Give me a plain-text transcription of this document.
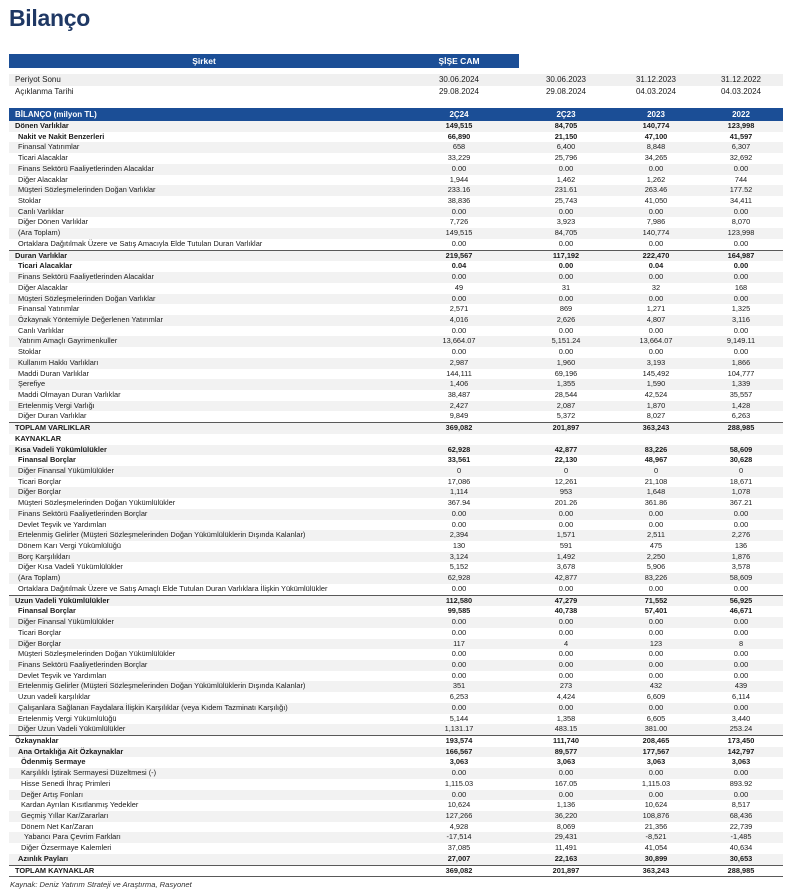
Bilanço
Şirket	ŞİŞE CAM
Periyot Sonu	30.06.2024	30.06.2023	31.12.2023	31.12.2022
Açıklanma Tarihi	29.08.2024	29.08.2024	04.03.2024	04.03.2024
BİLANÇO (milyon TL)	2Ç24	2Ç23	2023	2022
Dönen Varlıklar	149,515	84,705	140,774	123,998
Nakit ve Nakit Benzerleri	66,890	21,150	47,100	41,597
Finansal Yatırımlar	658	6,400	8,848	6,307
Ticari Alacaklar	33,229	25,796	34,265	32,692
Finans Sektörü Faaliyetlerinden Alacaklar	0.00	0.00	0.00	0.00
Diğer Alacaklar	1,944	1,462	1,262	744
Müşteri Sözleşmelerinden Doğan Varlıklar	233.16	231.61	263.46	177.52
Stoklar	38,836	25,743	41,050	34,411
Canlı Varlıklar	0.00	0.00	0.00	0.00
Diğer Dönen Varlıklar	7,726	3,923	7,986	8,070
(Ara Toplam)	149,515	84,705	140,774	123,998
Ortaklara Dağıtılmak Üzere ve Satış Amacıyla Elde Tutulan Duran Varlıklar	0.00	0.00	0.00	0.00
Duran Varlıklar	219,567	117,192	222,470	164,987
Ticari Alacaklar	0.04	0.00	0.04	0.00
Finans Sektörü Faaliyetlerinden Alacaklar	0.00	0.00	0.00	0.00
Diğer Alacaklar	49	31	32	168
Müşteri Sözleşmelerinden Doğan Varlıklar	0.00	0.00	0.00	0.00
Finansal Yatırımlar	2,571	869	1,271	1,325
Özkaynak Yöntemiyle Değerlenen Yatırımlar	4,016	2,626	4,807	3,116
Canlı Varlıklar	0.00	0.00	0.00	0.00
Yatırım Amaçlı Gayrimenkuller	13,664.07	5,151.24	13,664.07	9,149.11
Stoklar	0.00	0.00	0.00	0.00
Kullanım Hakkı Varlıkları	2,987	1,960	3,193	1,866
Maddi Duran Varlıklar	144,111	69,196	145,492	104,777
Şerefiye	1,406	1,355	1,590	1,339
Maddi Olmayan Duran Varlıklar	38,487	28,544	42,524	35,557
Ertelenmiş Vergi Varlığı	2,427	2,087	1,870	1,428
Diğer Duran Varlıklar	9,849	5,372	8,027	6,263
TOPLAM VARLIKLAR	369,082	201,897	363,243	288,985
KAYNAKLAR
Kısa Vadeli Yükümlülükler	62,928	42,877	83,226	58,609
Finansal Borçlar	33,561	22,130	48,967	30,628
Diğer Finansal Yükümlülükler	0	0	0	0
Ticari Borçlar	17,086	12,261	21,108	18,671
Diğer Borçlar	1,114	953	1,648	1,078
Müşteri Sözleşmelerinden Doğan Yükümlülükler	367.94	201.26	361.86	367.21
Finans Sektörü Faaliyetlerinden Borçlar	0.00	0.00	0.00	0.00
Devlet Teşvik ve Yardımları	0.00	0.00	0.00	0.00
Ertelenmiş Gelirler (Müşteri Sözleşmelerinden Doğan Yükümlülüklerin Dışında Kalanlar)	2,394	1,571	2,511	2,276
Dönem Karı Vergi Yükümlülüğü	130	591	475	136
Borç Karşılıkları	3,124	1,492	2,250	1,876
Diğer Kısa Vadeli Yükümlülükler	5,152	3,678	5,906	3,578
(Ara Toplam)	62,928	42,877	83,226	58,609
Ortaklara Dağıtılmak Üzere ve Satış Amaçlı Elde Tutulan Duran Varlıklara İlişkin Yükümlülükler	0.00	0.00	0.00	0.00
Uzun Vadeli Yükümlülükler	112,580	47,279	71,552	56,925
Finansal Borçlar	99,585	40,738	57,401	46,671
Diğer Finansal Yükümlülükler	0.00	0.00	0.00	0.00
Ticari Borçlar	0.00	0.00	0.00	0.00
Diğer Borçlar	117	4	123	8
Müşteri Sözleşmelerinden Doğan Yükümlülükler	0.00	0.00	0.00	0.00
Finans Sektörü Faaliyetlerinden Borçlar	0.00	0.00	0.00	0.00
Devlet Teşvik ve Yardımları	0.00	0.00	0.00	0.00
Ertelenmiş Gelirler (Müşteri Sözleşmelerinden Doğan Yükümlülüklerin Dışında Kalanlar)	351	273	432	439
Uzun vadeli karşılıklar	6,253	4,424	6,609	6,114
Çalışanlara Sağlanan Faydalara İlişkin Karşılıklar (veya Kıdem Tazminatı Karşılığı)	0.00	0.00	0.00	0.00
Ertelenmiş Vergi Yükümlülüğü	5,144	1,358	6,605	3,440
Diğer Uzun Vadeli Yükümlülükler	1,131.17	483.15	381.00	253.24
Özkaynaklar	193,574	111,740	208,465	173,450
Ana Ortaklığa Ait Özkaynaklar	166,567	89,577	177,567	142,797
Ödenmiş Sermaye	3,063	3,063	3,063	3,063
Karşılıklı İştirak Sermayesi Düzeltmesi (-)	0.00	0.00	0.00	0.00
Hisse Senedi İhraç Primleri	1,115.03	167.05	1,115.03	893.92
Değer Artış Fonları	0.00	0.00	0.00	0.00
Kardan Ayrılan Kısıtlanmış Yedekler	10,624	1,136	10,624	8,517
Geçmiş Yıllar Kar/Zararları	127,266	36,220	108,876	68,436
Dönem Net Kar/Zararı	4,928	8,069	21,356	22,739
Yabancı Para Çevrim Farkları	-17,514	29,431	-8,521	-1,485
Diğer Özsermaye Kalemleri	37,085	11,491	41,054	40,634
Azınlık Payları	27,007	22,163	30,899	30,653
TOPLAM KAYNAKLAR	369,082	201,897	363,243	288,985
Kaynak: Deniz Yatırım Strateji ve Araştırma, Rasyonet
